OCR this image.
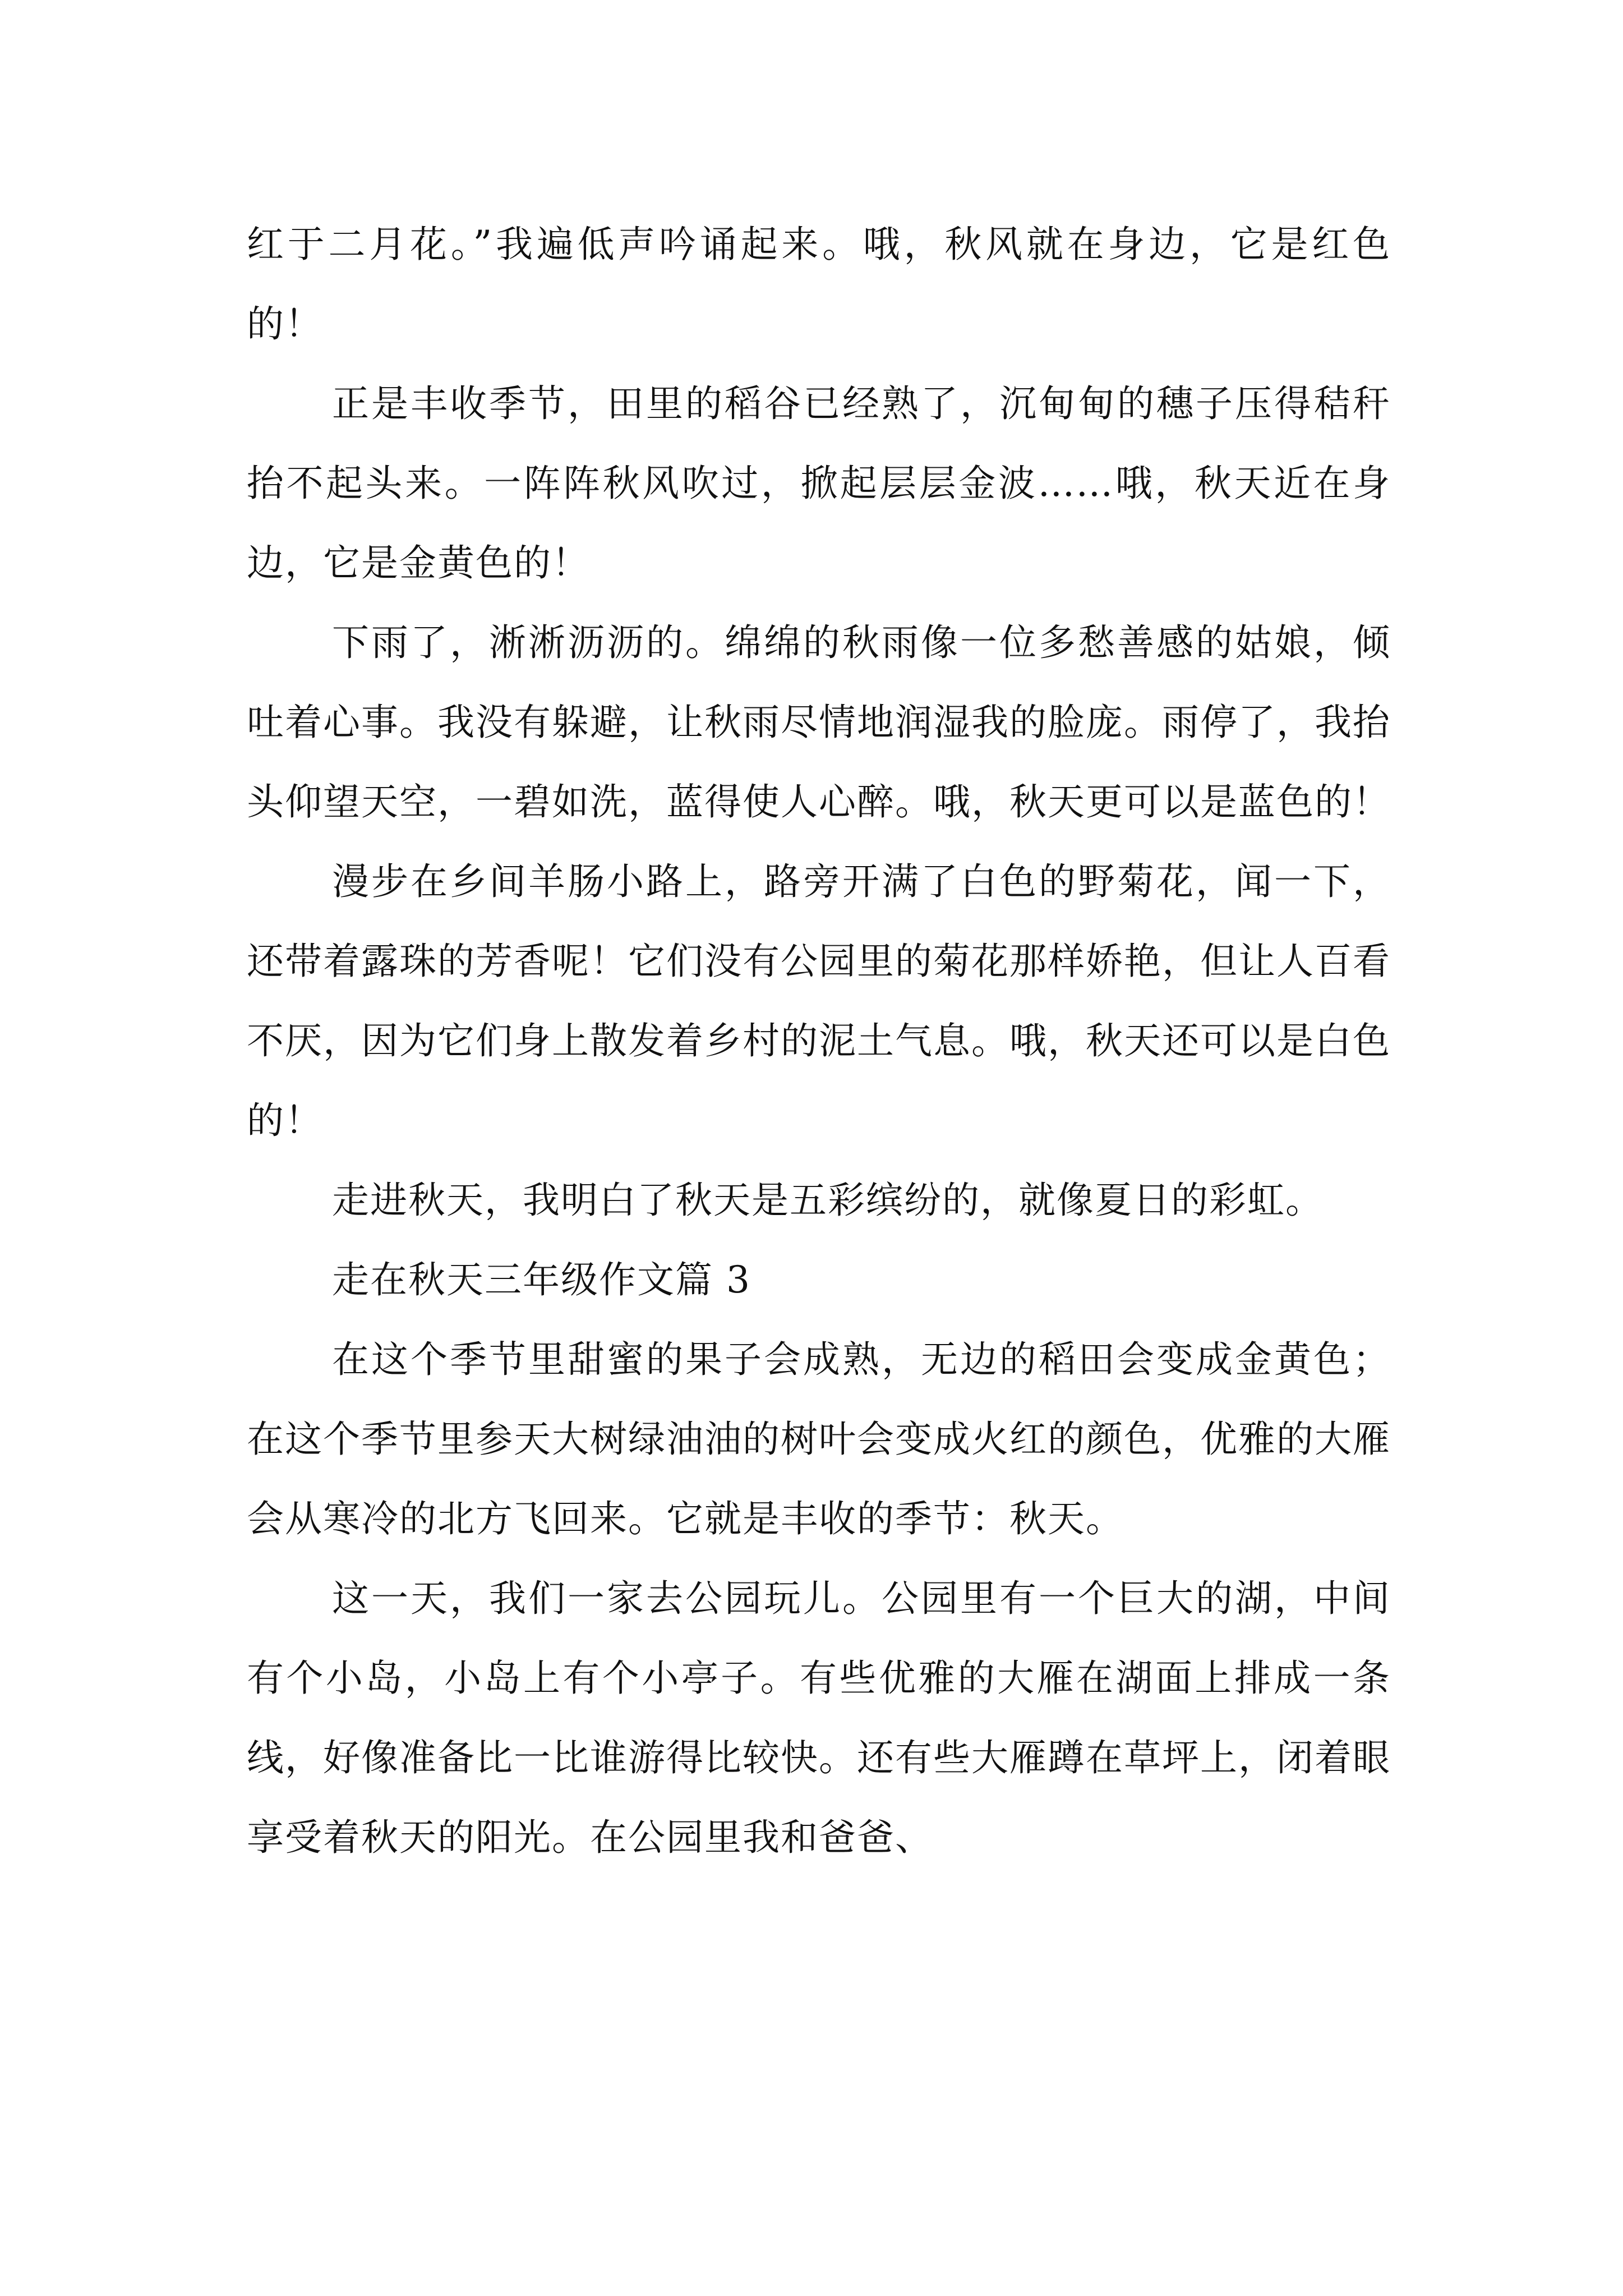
红于二月花。”我遍低声吟诵起来。哦，秋风就在身边，它是红色的！

正是丰收季节，田里的稻谷已经熟了，沉甸甸的穗子压得秸秆抬不起头来。一阵阵秋风吹过，掀起层层金波……哦，秋天近在身边，它是金黄色的！

下雨了，淅淅沥沥的。绵绵的秋雨像一位多愁善感的姑娘，倾吐着心事。我没有躲避，让秋雨尽情地润湿我的脸庞。雨停了，我抬头仰望天空，一碧如洗，蓝得使人心醉。哦，秋天更可以是蓝色的！

漫步在乡间羊肠小路上，路旁开满了白色的野菊花，闻一下，还带着露珠的芳香呢！它们没有公园里的菊花那样娇艳，但让人百看不厌，因为它们身上散发着乡村的泥土气息。哦，秋天还可以是白色的！

走进秋天，我明白了秋天是五彩缤纷的，就像夏日的彩虹。

走在秋天三年级作文篇 3

在这个季节里甜蜜的果子会成熟，无边的稻田会变成金黄色；在这个季节里参天大树绿油油的树叶会变成火红的颜色，优雅的大雁会从寒冷的北方飞回来。它就是丰收的季节：秋天。

这一天，我们一家去公园玩儿。公园里有一个巨大的湖，中间有个小岛，小岛上有个小亭子。有些优雅的大雁在湖面上排成一条线，好像准备比一比谁游得比较快。还有些大雁蹲在草坪上，闭着眼享受着秋天的阳光。在公园里我和爸爸、
